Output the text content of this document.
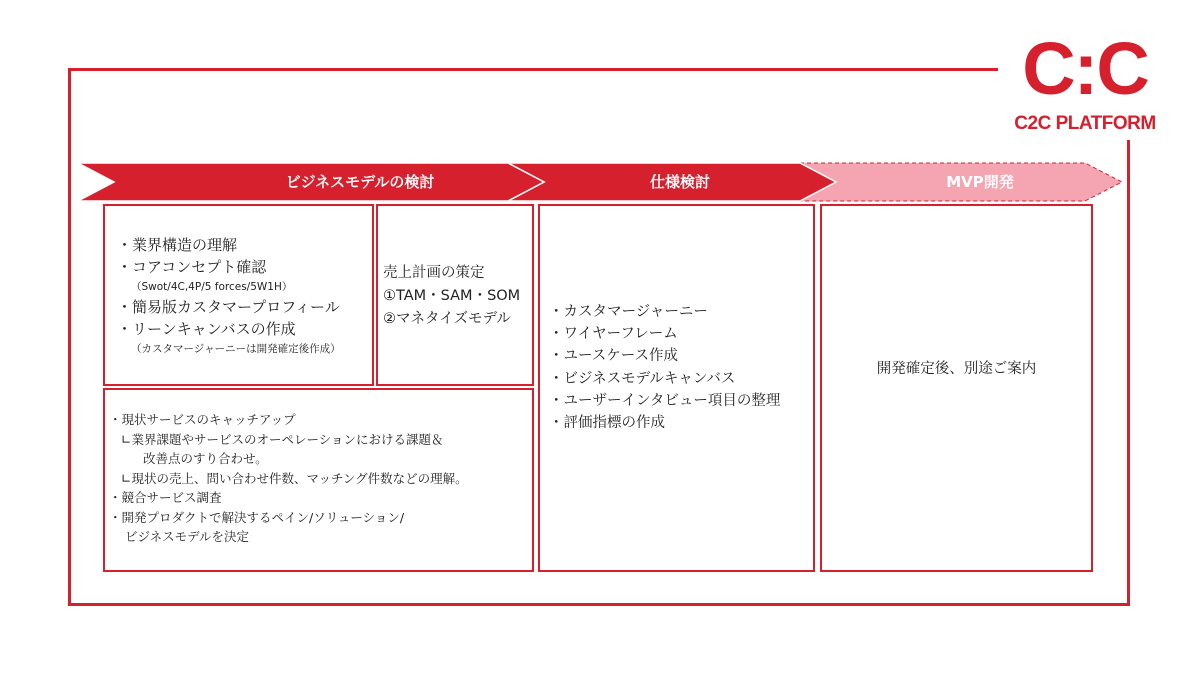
C:C
C2C PLATFORM
ビジネスモデルの検討	仕様検討	MVP開発
・業界構造の理解
・コアコンセプト確認
（Swot/4C,4P/5 forces/5W1H）
・簡易版カスタマープロフィール
・リーンキャンバスの作成
（カスタマージャーニーは開発確定後作成）
売上計画の策定
①TAM・SAM・SOM
②マネタイズモデル
・現状サービスのキャッチアップ
∟業界課題やサービスのオーペレーションにおける課題＆
改善点のすり合わせ。
∟現状の売上、問い合わせ件数、マッチング件数などの理解。
・競合サービス調査
・開発プロダクトで解決するペイン/ソリューション/
ビジネスモデルを決定
・カスタマージャーニー
・ワイヤーフレーム
・ユースケース作成
・ビジネスモデルキャンバス
・ユーザーインタビュー項目の整理
・評価指標の作成
開発確定後、別途ご案内
